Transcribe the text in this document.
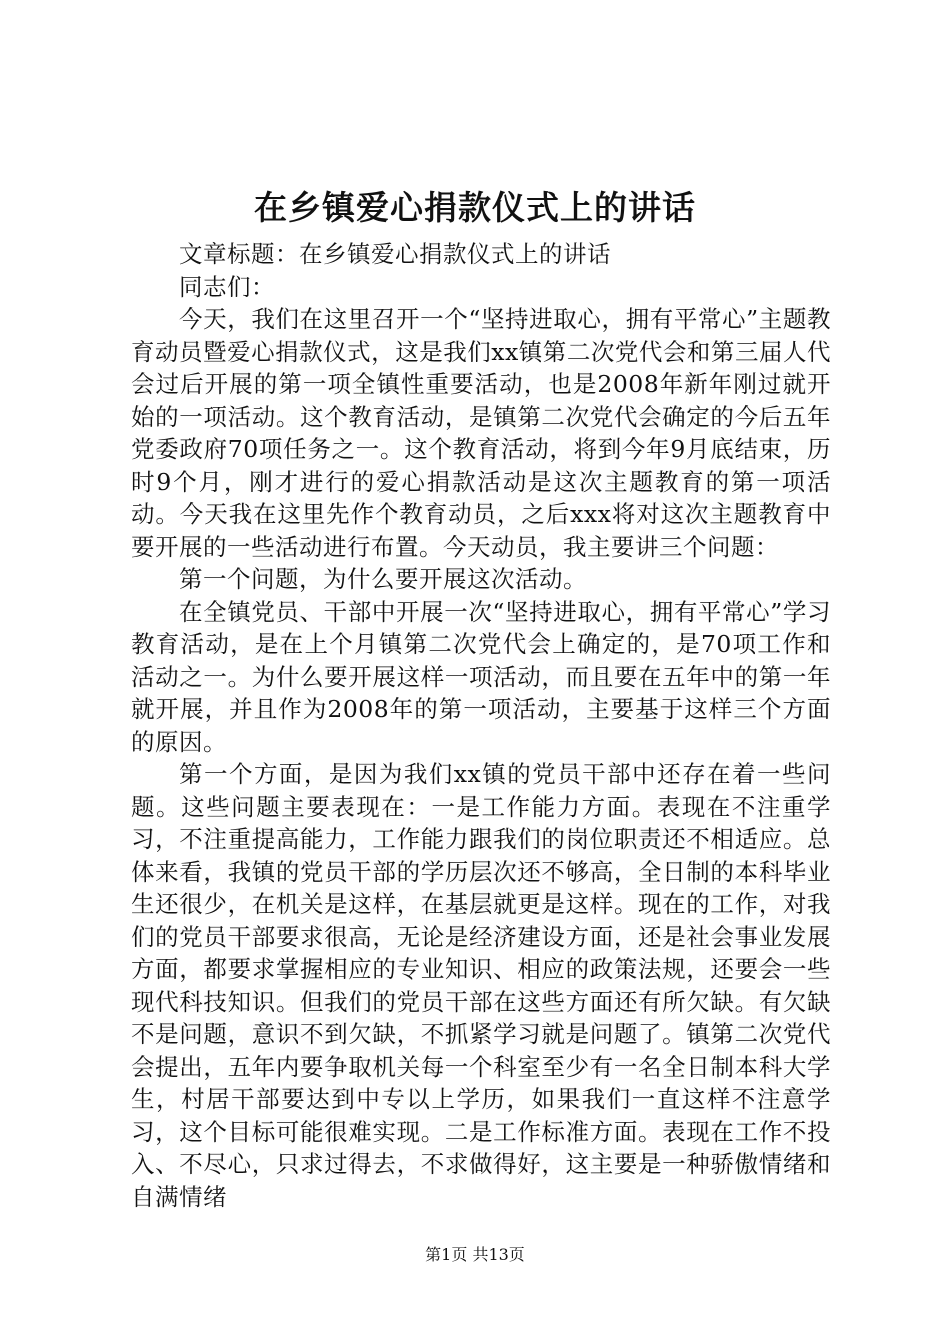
在乡镇爱心捐款仪式上的讲话

文章标题：在乡镇爱心捐款仪式上的讲话

同志们：

今天，我们在这里召开一个“坚持进取心，拥有平常心”主题教育动员暨爱心捐款仪式，这是我们xx镇第二次党代会和第三届人代会过后开展的第一项全镇性重要活动，也是2008年新年刚过就开始的一项活动。这个教育活动，是镇第二次党代会确定的今后五年党委政府70项任务之一。这个教育活动，将到今年9月底结束，历时9个月，刚才进行的爱心捐款活动是这次主题教育的第一项活动。今天我在这里先作个教育动员，之后xxx将对这次主题教育中要开展的一些活动进行布置。今天动员，我主要讲三个问题：

第一个问题，为什么要开展这次活动。

在全镇党员、干部中开展一次“坚持进取心，拥有平常心”学习教育活动，是在上个月镇第二次党代会上确定的，是70项工作和活动之一。为什么要开展这样一项活动，而且要在五年中的第一年就开展，并且作为2008年的第一项活动，主要基于这样三个方面的原因。

第一个方面，是因为我们xx镇的党员干部中还存在着一些问题。这些问题主要表现在：一是工作能力方面。表现在不注重学习，不注重提高能力，工作能力跟我们的岗位职责还不相适应。总体来看，我镇的党员干部的学历层次还不够高，全日制的本科毕业生还很少，在机关是这样，在基层就更是这样。现在的工作，对我们的党员干部要求很高，无论是经济建设方面，还是社会事业发展方面，都要求掌握相应的专业知识、相应的政策法规，还要会一些现代科技知识。但我们的党员干部在这些方面还有所欠缺。有欠缺不是问题，意识不到欠缺，不抓紧学习就是问题了。镇第二次党代会提出，五年内要争取机关每一个科室至少有一名全日制本科大学生，村居干部要达到中专以上学历，如果我们一直这样不注意学习，这个目标可能很难实现。二是工作标准方面。表现在工作不投入、不尽心，只求过得去，不求做得好，这主要是一种骄傲情绪和自满情绪

第1页 共13页
